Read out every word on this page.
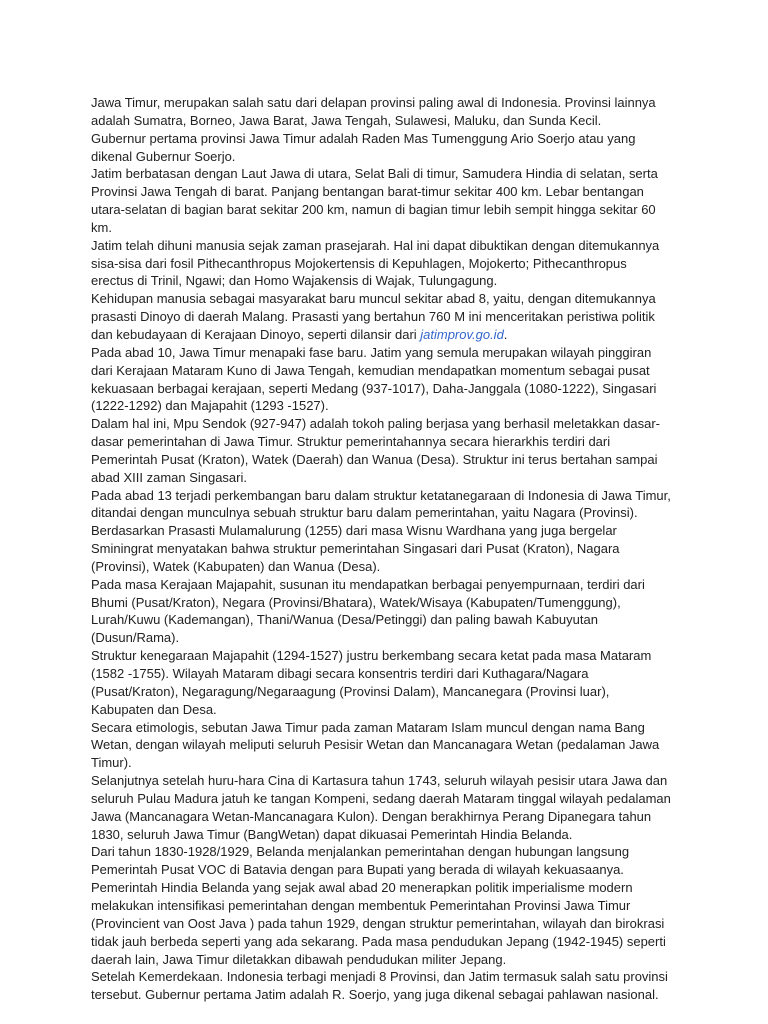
Jawa Timur, merupakan salah satu dari delapan provinsi paling awal di Indonesia. Provinsi lainnya adalah Sumatra, Borneo, Jawa Barat, Jawa Tengah, Sulawesi, Maluku, dan Sunda Kecil.

Gubernur pertama provinsi Jawa Timur adalah Raden Mas Tumenggung Ario Soerjo atau yang dikenal Gubernur Soerjo.

Jatim berbatasan dengan Laut Jawa di utara, Selat Bali di timur, Samudera Hindia di selatan, serta Provinsi Jawa Tengah di barat. Panjang bentangan barat-timur sekitar 400 km. Lebar bentangan utara-selatan di bagian barat sekitar 200 km, namun di bagian timur lebih sempit hingga sekitar 60 km.

Jatim telah dihuni manusia sejak zaman prasejarah. Hal ini dapat dibuktikan dengan ditemukannya sisa-sisa dari fosil Pithecanthropus Mojokertensis di Kepuhlagen, Mojokerto; Pithecanthropus erectus di Trinil, Ngawi; dan Homo Wajakensis di Wajak, Tulungagung.

Kehidupan manusia sebagai masyarakat baru muncul sekitar abad 8, yaitu, dengan ditemukannya prasasti Dinoyo di daerah Malang. Prasasti yang bertahun 760 M ini menceritakan peristiwa politik dan kebudayaan di Kerajaan Dinoyo, seperti dilansir dari jatimprov.go.id.

Pada abad 10, Jawa Timur menapaki fase baru. Jatim yang semula merupakan wilayah pinggiran dari Kerajaan Mataram Kuno di Jawa Tengah, kemudian mendapatkan momentum sebagai pusat kekuasaan berbagai kerajaan, seperti Medang (937-1017), Daha-Janggala (1080-1222), Singasari (1222-1292) dan Majapahit (1293 -1527).

Dalam hal ini, Mpu Sendok (927-947) adalah tokoh paling berjasa yang berhasil meletakkan dasar-dasar pemerintahan di Jawa Timur. Struktur pemerintahannya secara hierarkhis terdiri dari Pemerintah Pusat (Kraton), Watek (Daerah) dan Wanua (Desa). Struktur ini terus bertahan sampai abad XIII zaman Singasari.

Pada abad 13 terjadi perkembangan baru dalam struktur ketatanegaraan di Indonesia di Jawa Timur, ditandai dengan munculnya sebuah struktur baru dalam pemerintahan, yaitu Nagara (Provinsi).

Berdasarkan Prasasti Mulamalurung (1255) dari masa Wisnu Wardhana yang juga bergelar Sminingrat menyatakan bahwa struktur pemerintahan Singasari dari Pusat (Kraton), Nagara (Provinsi), Watek (Kabupaten) dan Wanua (Desa).

Pada masa Kerajaan Majapahit, susunan itu mendapatkan berbagai penyempurnaan, terdiri dari Bhumi (Pusat/Kraton), Negara (Provinsi/Bhatara), Watek/Wisaya (Kabupaten/Tumenggung), Lurah/Kuwu (Kademangan), Thani/Wanua (Desa/Petinggi) dan paling bawah Kabuyutan (Dusun/Rama).

Struktur kenegaraan Majapahit (1294-1527) justru berkembang secara ketat pada masa Mataram (1582 -1755). Wilayah Mataram dibagi secara konsentris terdiri dari Kuthagara/Nagara (Pusat/Kraton), Negaragung/Negaraagung (Provinsi Dalam), Mancanegara (Provinsi luar), Kabupaten dan Desa.

Secara etimologis, sebutan Jawa Timur pada zaman Mataram Islam muncul dengan nama Bang Wetan, dengan wilayah meliputi seluruh Pesisir Wetan dan Mancanagara Wetan (pedalaman Jawa Timur).

Selanjutnya setelah huru-hara Cina di Kartasura tahun 1743, seluruh wilayah pesisir utara Jawa dan seluruh Pulau Madura jatuh ke tangan Kompeni, sedang daerah Mataram tinggal wilayah pedalaman Jawa (Mancanagara Wetan-Mancanagara Kulon). Dengan berakhirnya Perang Dipanegara tahun 1830, seluruh Jawa Timur (BangWetan) dapat dikuasai Pemerintah Hindia Belanda.

Dari tahun 1830-1928/1929, Belanda menjalankan pemerintahan dengan hubungan langsung Pemerintah Pusat VOC di Batavia dengan para Bupati yang berada di wilayah kekuasaanya.

Pemerintah Hindia Belanda yang sejak awal abad 20 menerapkan politik imperialisme modern melakukan intensifikasi pemerintahan dengan membentuk Pemerintahan Provinsi Jawa Timur (Provincient van Oost Java ) pada tahun 1929, dengan struktur pemerintahan, wilayah dan birokrasi tidak jauh berbeda seperti yang ada sekarang. Pada masa pendudukan Jepang (1942-1945) seperti daerah lain, Jawa Timur diletakkan dibawah pendudukan militer Jepang.

Setelah Kemerdekaan. Indonesia terbagi menjadi 8 Provinsi, dan Jatim termasuk salah satu provinsi tersebut. Gubernur pertama Jatim adalah R. Soerjo, yang juga dikenal sebagai pahlawan nasional.
